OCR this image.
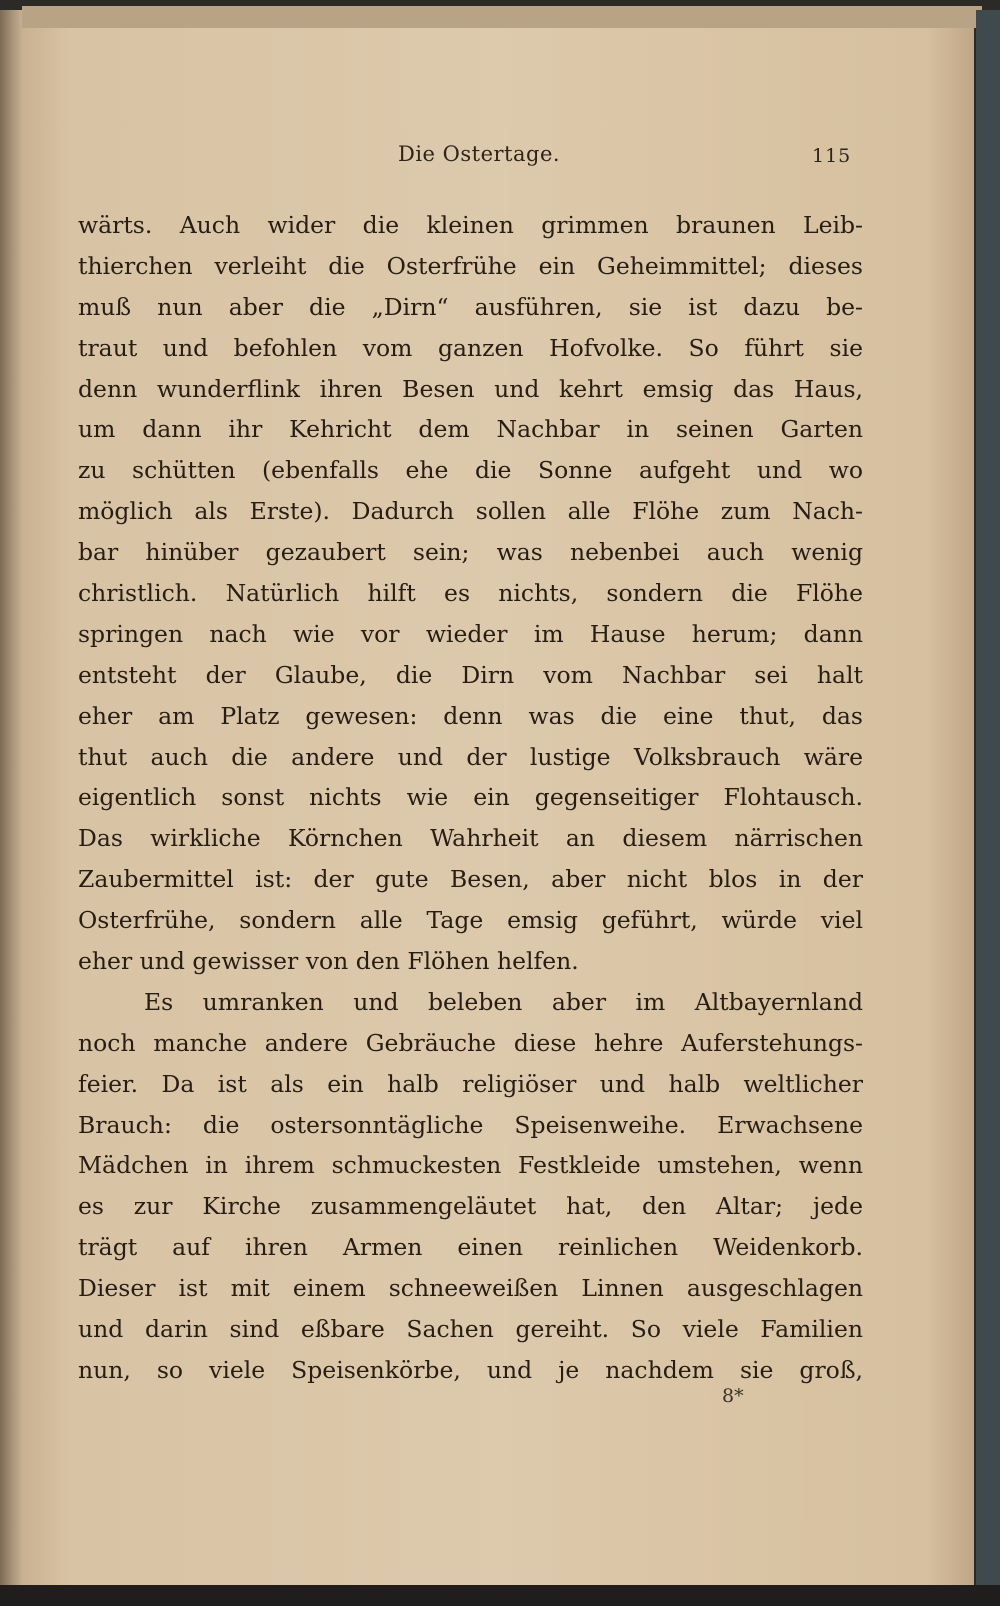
Die Ostertage.	115
wärts. Auch wider die kleinen grimmen braunen Leib-
thierchen verleiht die Osterfrühe ein Geheimmittel; dieses
muß nun aber die „Dirn“ ausführen, sie ist dazu be-
traut und befohlen vom ganzen Hofvolke. So führt sie
denn wunderflink ihren Besen und kehrt emsig das Haus,
um dann ihr Kehricht dem Nachbar in seinen Garten
zu schütten (ebenfalls ehe die Sonne aufgeht und wo
möglich als Erste). Dadurch sollen alle Flöhe zum Nach-
bar hinüber gezaubert sein; was nebenbei auch wenig
christlich. Natürlich hilft es nichts, sondern die Flöhe
springen nach wie vor wieder im Hause herum; dann
entsteht der Glaube, die Dirn vom Nachbar sei halt
eher am Platz gewesen: denn was die eine thut, das
thut auch die andere und der lustige Volksbrauch wäre
eigentlich sonst nichts wie ein gegenseitiger Flohtausch.
Das wirkliche Körnchen Wahrheit an diesem närrischen
Zaubermittel ist: der gute Besen, aber nicht blos in der
Osterfrühe, sondern alle Tage emsig geführt, würde viel
eher und gewisser von den Flöhen helfen.
Es umranken und beleben aber im Altbayernland
noch manche andere Gebräuche diese hehre Auferstehungs-
feier. Da ist als ein halb religiöser und halb weltlicher
Brauch: die ostersonntägliche Speisenweihe. Erwachsene
Mädchen in ihrem schmuckesten Festkleide umstehen, wenn
es zur Kirche zusammengeläutet hat, den Altar; jede
trägt auf ihren Armen einen reinlichen Weidenkorb.
Dieser ist mit einem schneeweißen Linnen ausgeschlagen
und darin sind eßbare Sachen gereiht. So viele Familien
nun, so viele Speisenkörbe, und je nachdem sie groß,
8*
